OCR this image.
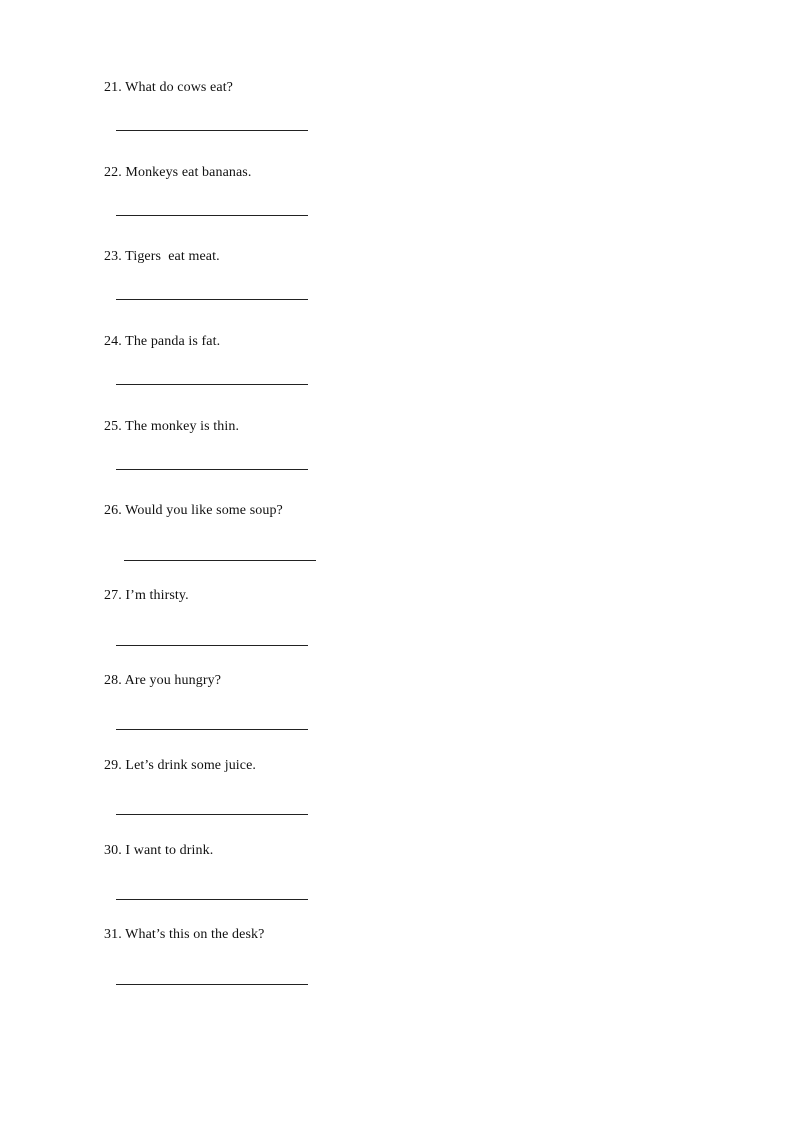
21. What do cows eat?
22. Monkeys eat bananas.
23. Tigers  eat meat.
24. The panda is fat.
25. The monkey is thin.
26. Would you like some soup?
27. I’m thirsty.
28. Are you hungry?
29. Let’s drink some juice.
30. I want to drink.
31. What’s this on the desk?
